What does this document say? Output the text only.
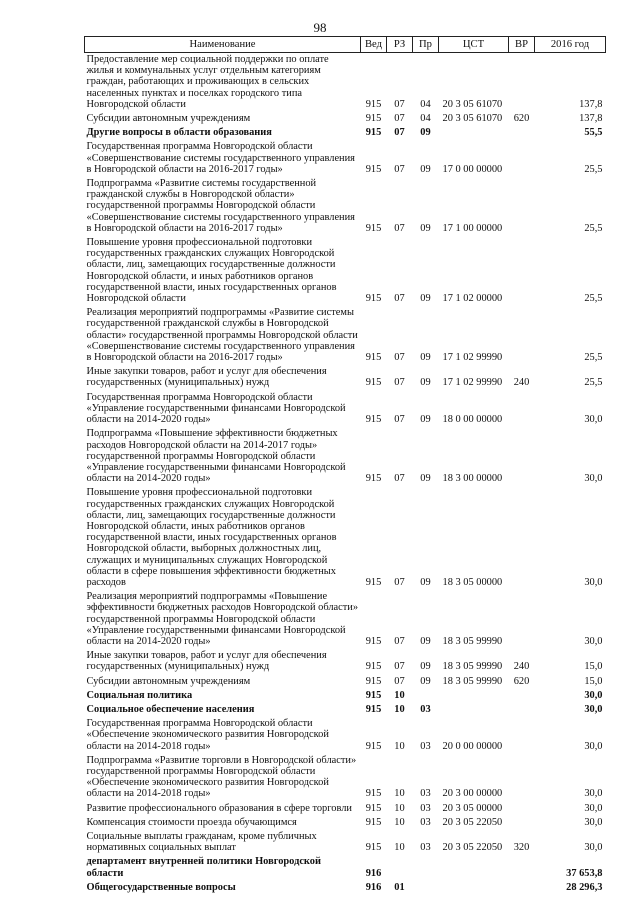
98
Наименование	Вед	РЗ	Пр	ЦСТ	ВР	2016 год
Предоставление мер социальной поддержки по оплате жилья и коммунальных услуг отдельным категориям граждан, работающих и проживающих в сельских населенных пунктах и поселках городского типа Новгородской области	915	07	04	20 3 05 61070		137,8
Субсидии автономным учреждениям	915	07	04	20 3 05 61070	620	137,8
Другие вопросы в области образования	915	07	09			55,5
Государственная программа Новгородской области «Совершенствование системы государственного управления в Новгородской области на 2016-2017 годы»	915	07	09	17 0 00 00000		25,5
Подпрограмма «Развитие системы государственной гражданской службы в Новгородской области» государственной программы Новгородской области «Совершенствование системы государственного управления в Новгородской области на 2016-2017 годы»	915	07	09	17 1 00 00000		25,5
Повышение уровня профессиональной подготовки государственных гражданских служащих Новгородской области, лиц, замещающих государственные должности Новгородской области, и иных работников органов государственной власти, иных государственных органов Новгородской области	915	07	09	17 1 02 00000		25,5
Реализация мероприятий подпрограммы «Развитие системы государственной гражданской службы в Новгородской области» государственной программы Новгородской области «Совершенствование системы государственного управления в Новгородской области на 2016-2017 годы»	915	07	09	17 1 02 99990		25,5
Иные закупки товаров, работ и услуг для обеспечения государственных (муниципальных) нужд	915	07	09	17 1 02 99990	240	25,5
Государственная программа Новгородской области «Управление государственными финансами Новгородской области на 2014-2020 годы»	915	07	09	18 0 00 00000		30,0
Подпрограмма «Повышение эффективности бюджетных расходов Новгородской области на 2014-2017 годы» государственной программы Новгородской области «Управление государственными финансами Новгородской области на 2014-2020 годы»	915	07	09	18 3 00 00000		30,0
Повышение уровня профессиональной подготовки государственных гражданских служащих Новгородской области, лиц, замещающих государственные должности Новгородской области, иных работников органов государственной власти, иных государственных органов Новгородской области, выборных должностных лиц, служащих и муниципальных служащих Новгородской области в сфере повышения эффективности бюджетных расходов	915	07	09	18 3 05 00000		30,0
Реализация мероприятий подпрограммы «Повышение эффективности бюджетных расходов Новгородской области» государственной программы Новгородской области «Управление государственными финансами Новгородской области на 2014-2020 годы»	915	07	09	18 3 05 99990		30,0
Иные закупки товаров, работ и услуг для обеспечения государственных (муниципальных) нужд	915	07	09	18 3 05 99990	240	15,0
Субсидии автономным учреждениям	915	07	09	18 3 05 99990	620	15,0
Социальная политика	915	10				30,0
Социальное обеспечение населения	915	10	03			30,0
Государственная программа Новгородской области «Обеспечение экономического развития Новгородской области на 2014-2018 годы»	915	10	03	20 0 00 00000		30,0
Подпрограмма «Развитие торговли в Новгородской области» государственной программы Новгородской области «Обеспечение экономического развития Новгородской области на 2014-2018 годы»	915	10	03	20 3 00 00000		30,0
Развитие профессионального образования в сфере торговли	915	10	03	20 3 05 00000		30,0
Компенсация стоимости проезда обучающимся	915	10	03	20 3 05 22050		30,0
Социальные выплаты гражданам, кроме публичных нормативных социальных выплат	915	10	03	20 3 05 22050	320	30,0
департамент внутренней политики Новгородской области	916					37 653,8
Общегосударственные вопросы	916	01				28 296,3
